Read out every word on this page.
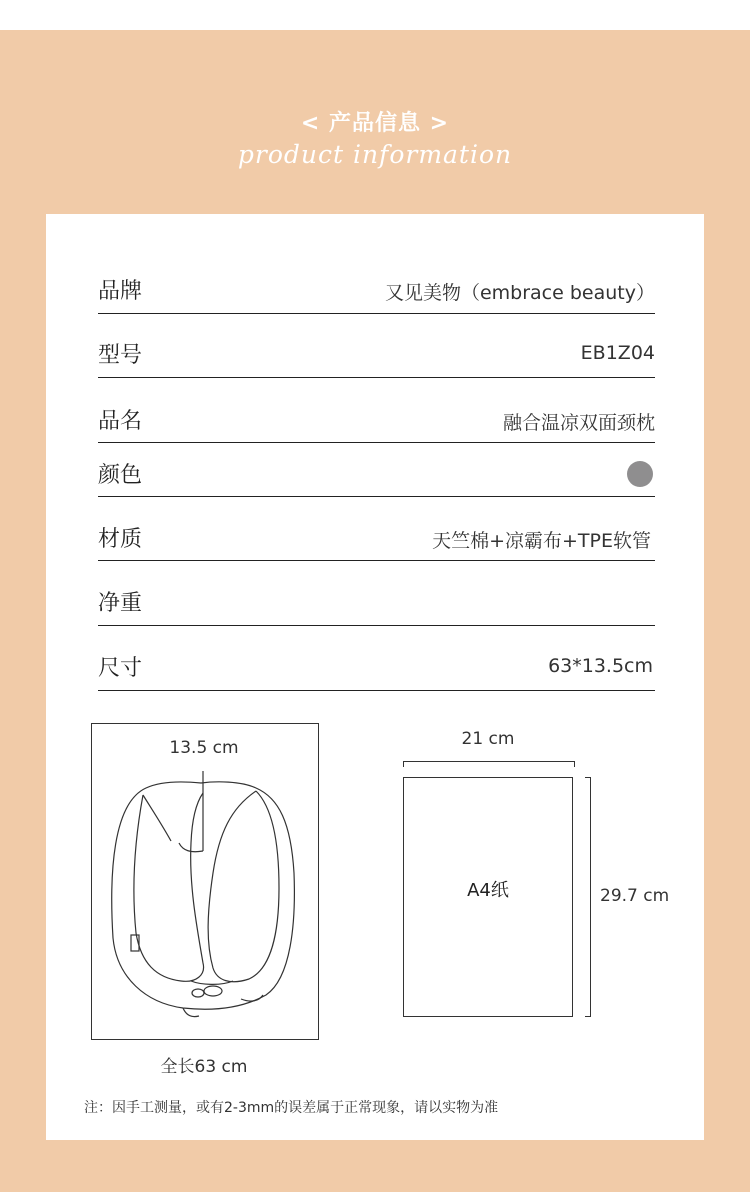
< 产品信息 >
product information
品牌	又见美物（embrace beauty）
型号	EB1Z04
品名	融合温凉双面颈枕
颜色
材质	天竺棉+凉霸布+TPE软管
净重
尺寸	63*13.5cm
13.5 cm
全长63 cm
21 cm
A4纸	29.7 cm
注：因手工测量，或有2-3mm的误差属于正常现象，请以实物为准
